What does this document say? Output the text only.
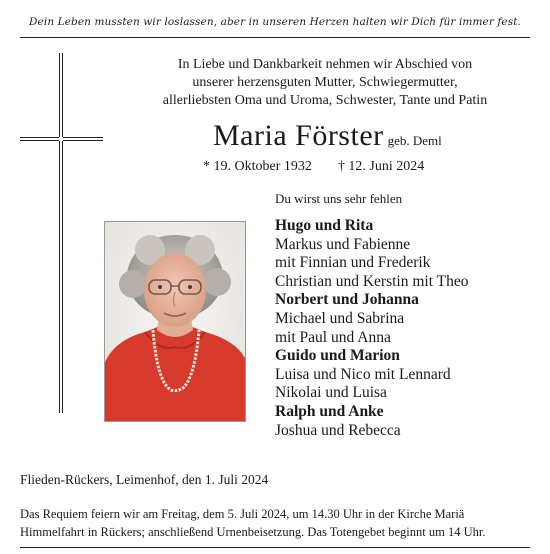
Dein Leben mussten wir loslassen, aber in unseren Herzen halten wir Dich für immer fest.
In Liebe und Dankbarkeit nehmen wir Abschied von
unserer herzensguten Mutter, Schwiegermutter,
allerliebsten Oma und Uroma, Schwester, Tante und Patin
Maria Förster geb. Deml
* 19. Oktober 1932 † 12. Juni 2024
Du wirst uns sehr fehlen
Hugo und Rita
Markus und Fabienne
mit Finnian und Frederik
Christian und Kerstin mit Theo
Norbert und Johanna
Michael und Sabrina
mit Paul und Anna
Guido und Marion
Luisa und Nico mit Lennard
Nikolai und Luisa
Ralph und Anke
Joshua und Rebecca
Flieden-Rückers, Leimenhof, den 1. Juli 2024
Das Requiem feiern wir am Freitag, dem 5. Juli 2024, um 14.30 Uhr in der Kirche Mariä
Himmelfahrt in Rückers; anschließend Urnenbeisetzung. Das Totengebet beginnt um 14 Uhr.
